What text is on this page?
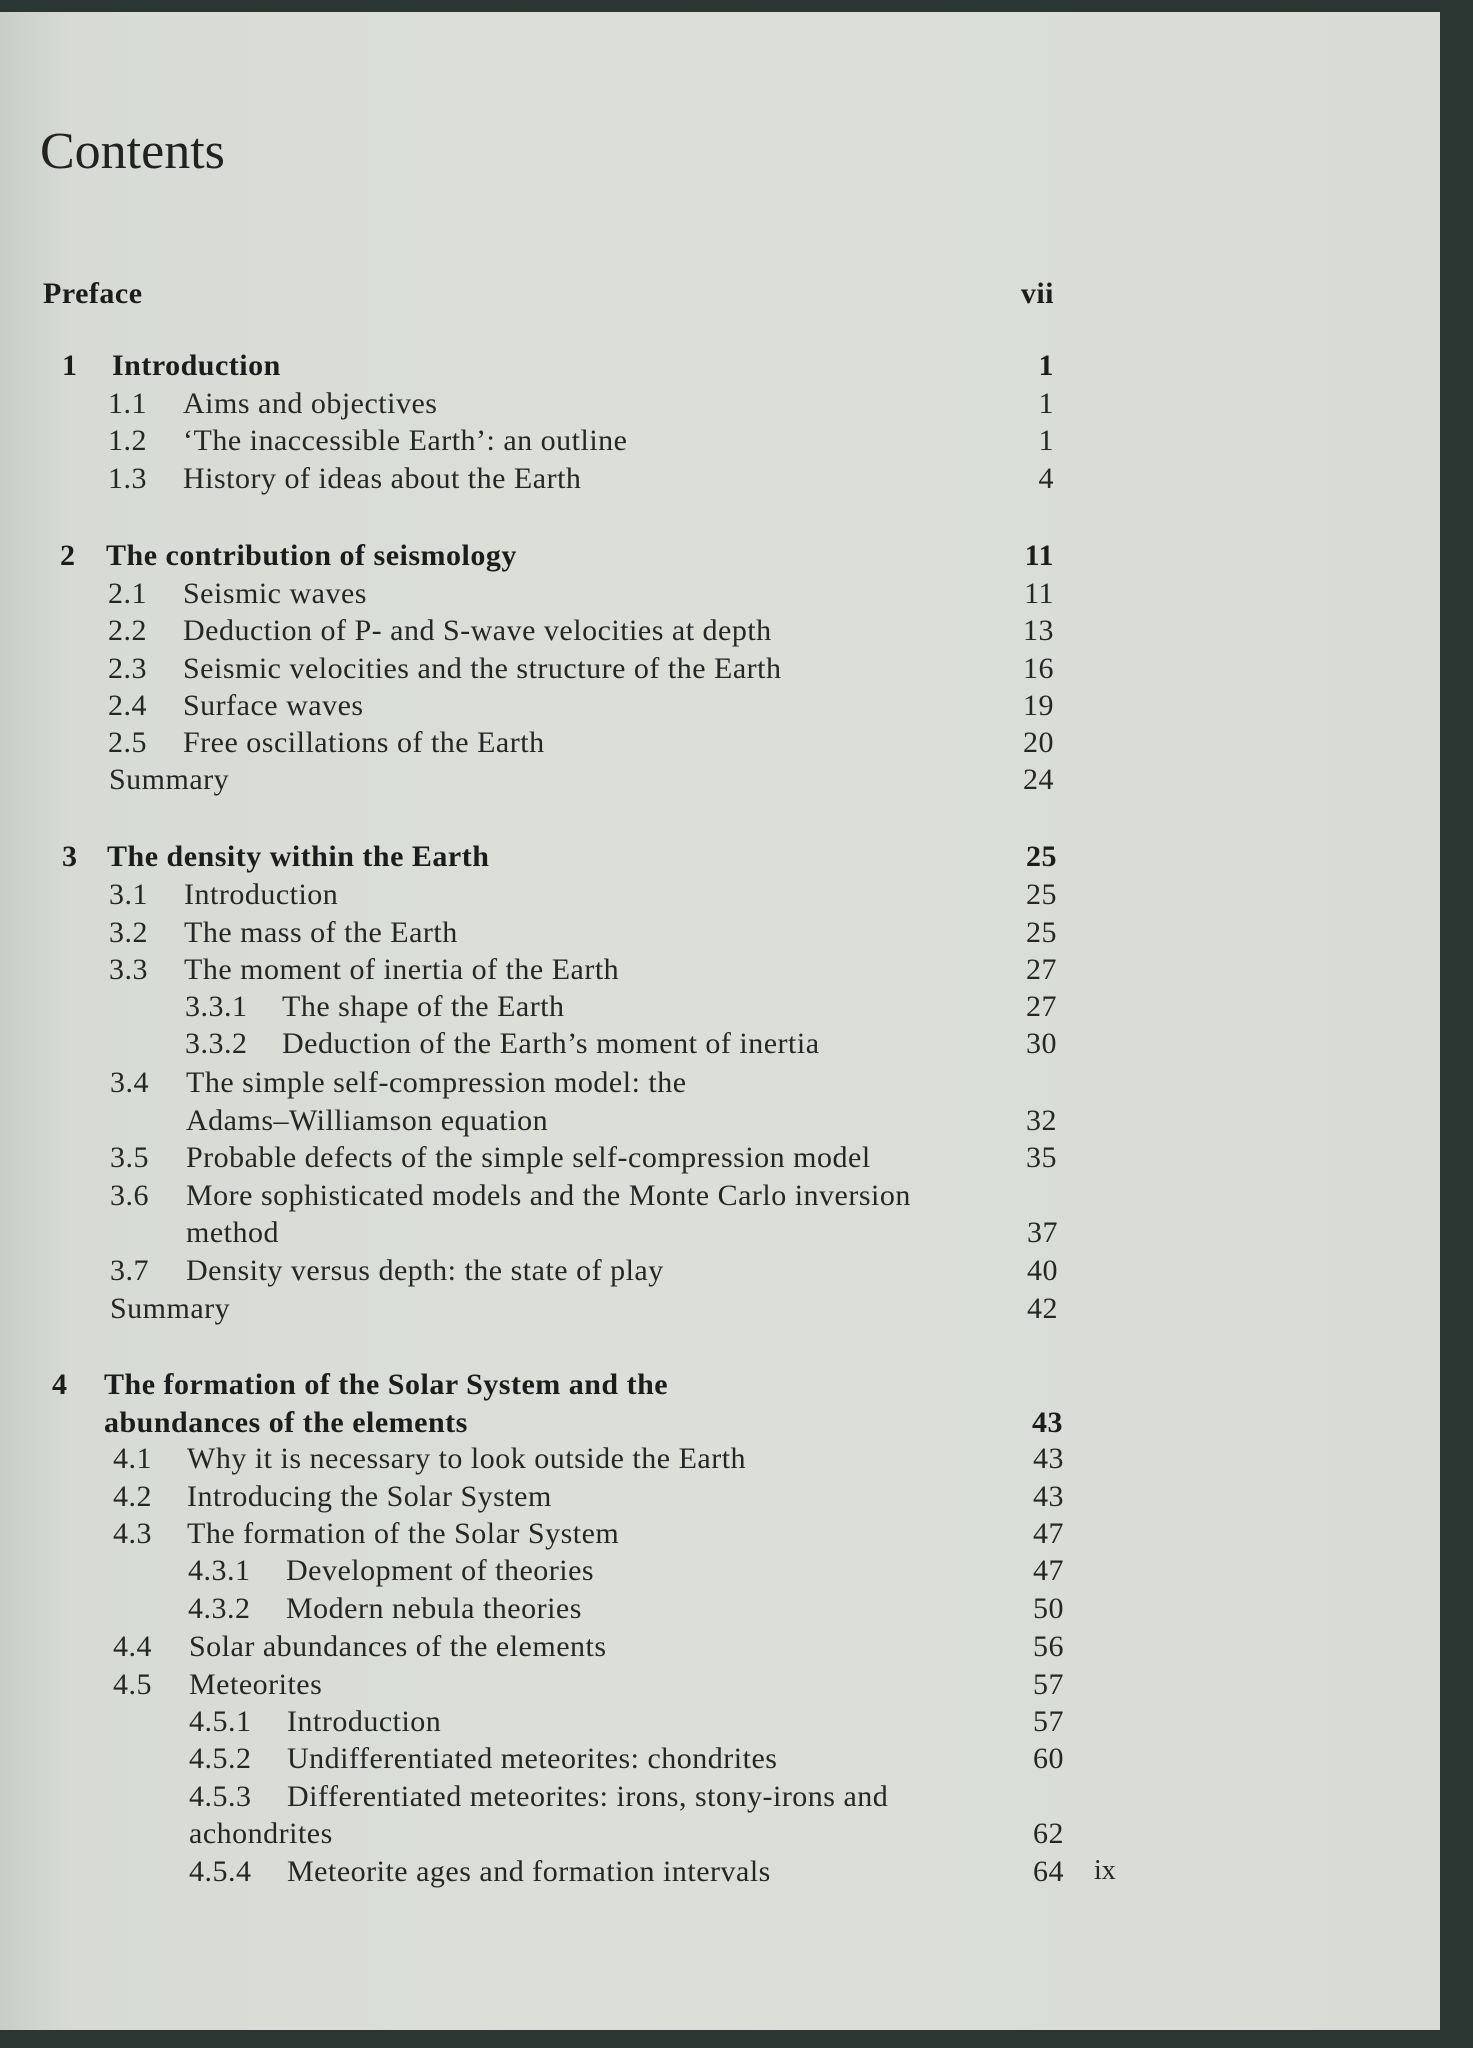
Contents
Preface	vii
1 Introduction	1
1.1 Aims and objectives	1
1.2 ‘The inaccessible Earth’: an outline	1
1.3 History of ideas about the Earth	4
2 The contribution of seismology	11
2.1 Seismic waves	11
2.2 Deduction of P- and S-wave velocities at depth	13
2.3 Seismic velocities and the structure of the Earth	16
2.4 Surface waves	19
2.5 Free oscillations of the Earth	20
Summary	24
3 The density within the Earth	25
3.1 Introduction	25
3.2 The mass of the Earth	25
3.3 The moment of inertia of the Earth	27
3.3.1 The shape of the Earth	27
3.3.2 Deduction of the Earth’s moment of inertia	30
3.4 The simple self-compression model: the
Adams–Williamson equation	32
3.5 Probable defects of the simple self-compression model	35
3.6 More sophisticated models and the Monte Carlo inversion
method	37
3.7 Density versus depth: the state of play	40
Summary	42
4 The formation of the Solar System and the
abundances of the elements	43
4.1 Why it is necessary to look outside the Earth	43
4.2 Introducing the Solar System	43
4.3 The formation of the Solar System	47
4.3.1 Development of theories	47
4.3.2 Modern nebula theories	50
4.4 Solar abundances of the elements	56
4.5 Meteorites	57
4.5.1 Introduction	57
4.5.2 Undifferentiated meteorites: chondrites	60
4.5.3 Differentiated meteorites: irons, stony-irons and
achondrites	62
4.5.4 Meteorite ages and formation intervals	64 ix
